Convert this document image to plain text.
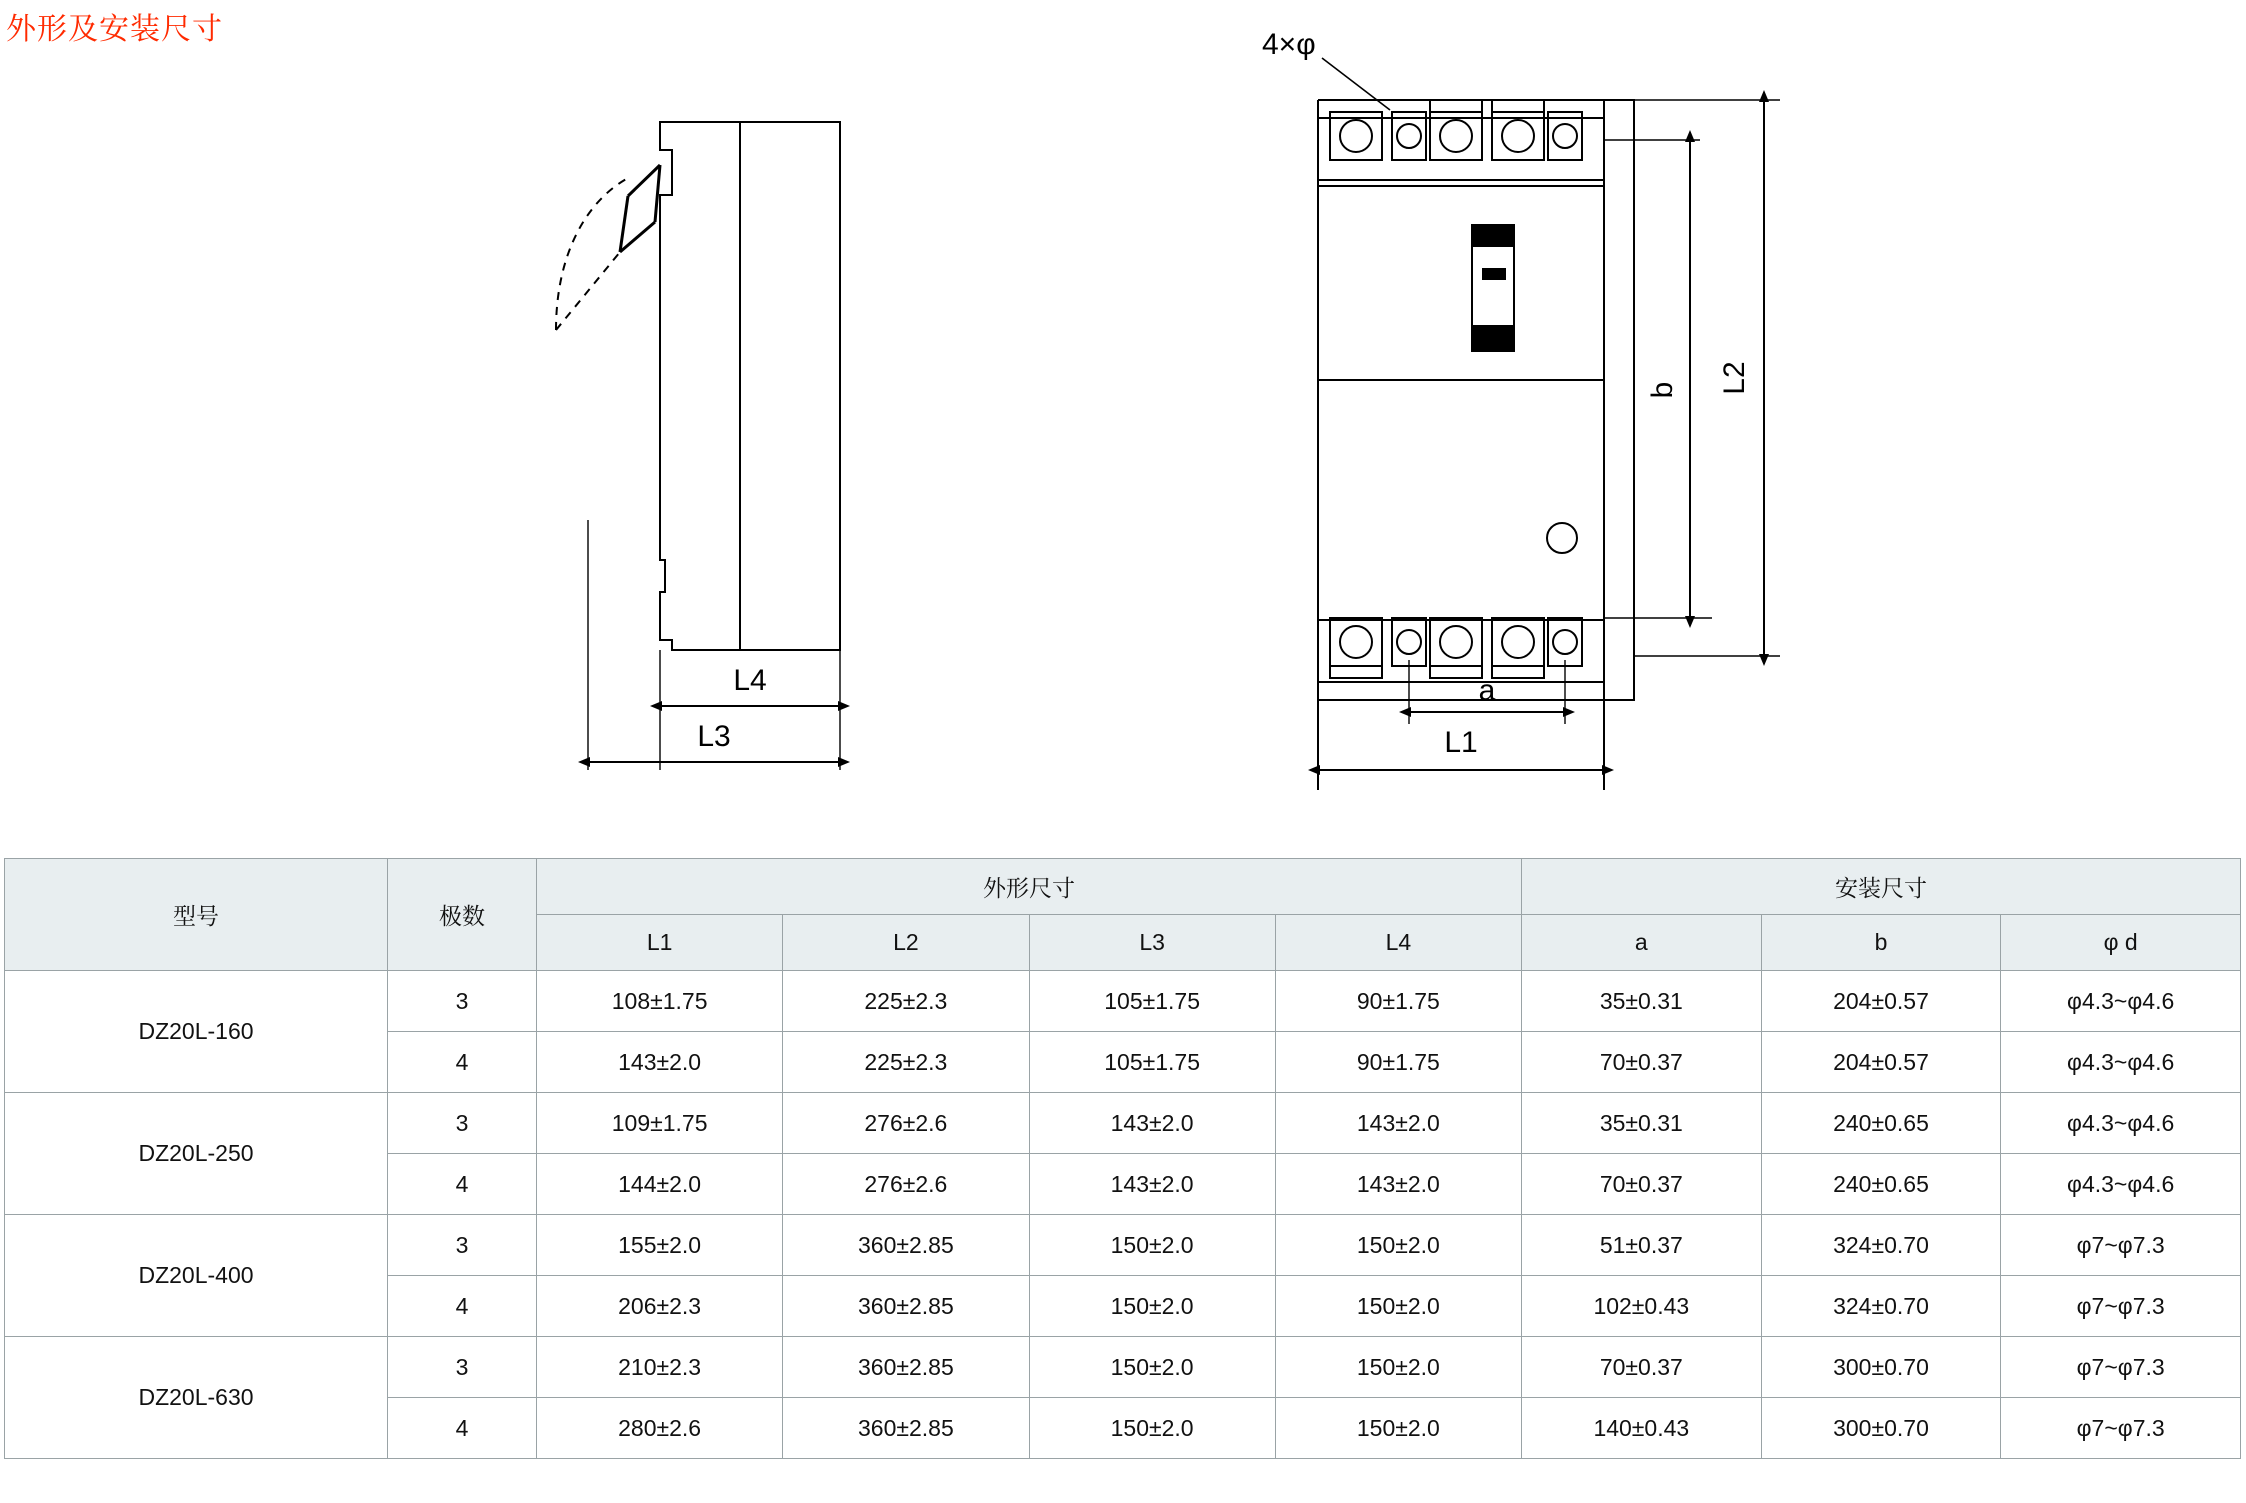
外形及安装尺寸
L4
L3
4×φ
b L2
a
L1
型号	极数	外形尺寸				安装尺寸		
		L1	L2	L3	L4	a	b	φ d
DZ20L-160	3	108±1.75	225±2.3	105±1.75	90±1.75	35±0.31	204±0.57	φ4.3~φ4.6
	4	143±2.0	225±2.3	105±1.75	90±1.75	70±0.37	204±0.57	φ4.3~φ4.6
DZ20L-250	3	109±1.75	276±2.6	143±2.0	143±2.0	35±0.31	240±0.65	φ4.3~φ4.6
	4	144±2.0	276±2.6	143±2.0	143±2.0	70±0.37	240±0.65	φ4.3~φ4.6
DZ20L-400	3	155±2.0	360±2.85	150±2.0	150±2.0	51±0.37	324±0.70	φ7~φ7.3
	4	206±2.3	360±2.85	150±2.0	150±2.0	102±0.43	324±0.70	φ7~φ7.3
DZ20L-630	3	210±2.3	360±2.85	150±2.0	150±2.0	70±0.37	300±0.70	φ7~φ7.3
	4	280±2.6	360±2.85	150±2.0	150±2.0	140±0.43	300±0.70	φ7~φ7.3
